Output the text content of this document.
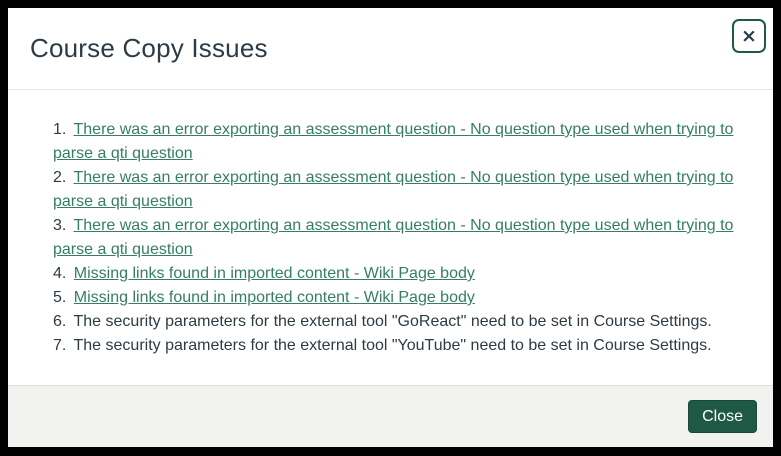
Course Copy Issues	×
1. There was an error exporting an assessment question - No question type used when trying to parse a qti question
2. There was an error exporting an assessment question - No question type used when trying to parse a qti question
3. There was an error exporting an assessment question - No question type used when trying to parse a qti question
4. Missing links found in imported content - Wiki Page body
5. Missing links found in imported content - Wiki Page body
6. The security parameters for the external tool "GoReact" need to be set in Course Settings.
7. The security parameters for the external tool "YouTube" need to be set in Course Settings.
Close
